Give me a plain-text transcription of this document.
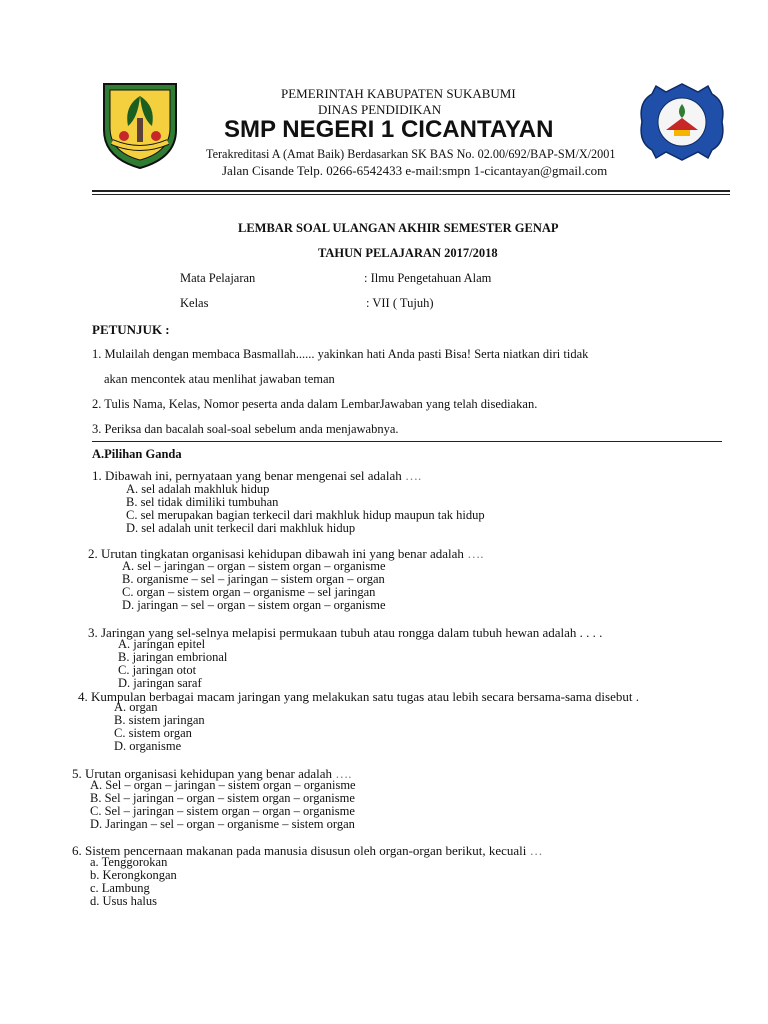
PEMERINTAH KABUPATEN SUKABUMI
DINAS PENDIDIKAN
SMP NEGERI 1 CICANTAYAN
Terakreditasi A (Amat Baik) Berdasarkan SK BAS No. 02.00/692/BAP-SM/X/2001
Jalan Cisande Telp. 0266-6542433 e-mail:smpn 1-cicantayan@gmail.com
LEMBAR SOAL ULANGAN AKHIR SEMESTER GENAP
TAHUN PELAJARAN 2017/2018
Mata Pelajaran	: Ilmu Pengetahuan Alam
Kelas	: VII ( Tujuh)
PETUNJUK :
1. Mulailah dengan membaca Basmallah...... yakinkan hati Anda pasti Bisa! Serta niatkan diri tidak
akan mencontek atau menlihat jawaban teman
2. Tulis Nama, Kelas, Nomor peserta anda dalam LembarJawaban yang telah disediakan.
3. Periksa dan bacalah soal-soal sebelum anda menjawabnya.
A.Pilihan Ganda
1. Dibawah ini, pernyataan yang benar mengenai sel adalah ….
A. sel adalah makhluk hidup
B. sel tidak dimiliki tumbuhan
C. sel merupakan bagian terkecil dari makhluk hidup maupun tak hidup
D. sel adalah unit terkecil dari makhluk hidup
2. Urutan tingkatan organisasi kehidupan dibawah ini yang benar adalah ….
A. sel – jaringan – organ – sistem organ – organisme
B. organisme – sel – jaringan – sistem organ – organ
C. organ – sistem organ – organisme – sel jaringan
D. jaringan – sel – organ – sistem organ – organisme
3. Jaringan yang sel-selnya melapisi permukaan tubuh atau rongga dalam tubuh hewan adalah . . . .
A. jaringan epitel
B. jaringan embrional
C. jaringan otot
D. jaringan saraf
4. Kumpulan berbagai macam jaringan yang melakukan satu tugas atau lebih secara bersama-sama disebut .
A. organ
B. sistem jaringan
C. sistem organ
D. organisme
5. Urutan organisasi kehidupan yang benar adalah ….
A. Sel – organ – jaringan – sistem organ – organisme
B. Sel – jaringan – organ – sistem organ – organisme
C. Sel – jaringan – sistem organ – organ – organisme
D. Jaringan – sel – organ – organisme – sistem organ
6. Sistem pencernaan makanan pada manusia disusun oleh organ-organ berikut, kecuali …
a. Tenggorokan
b. Kerongkongan
c. Lambung
d. Usus halus
